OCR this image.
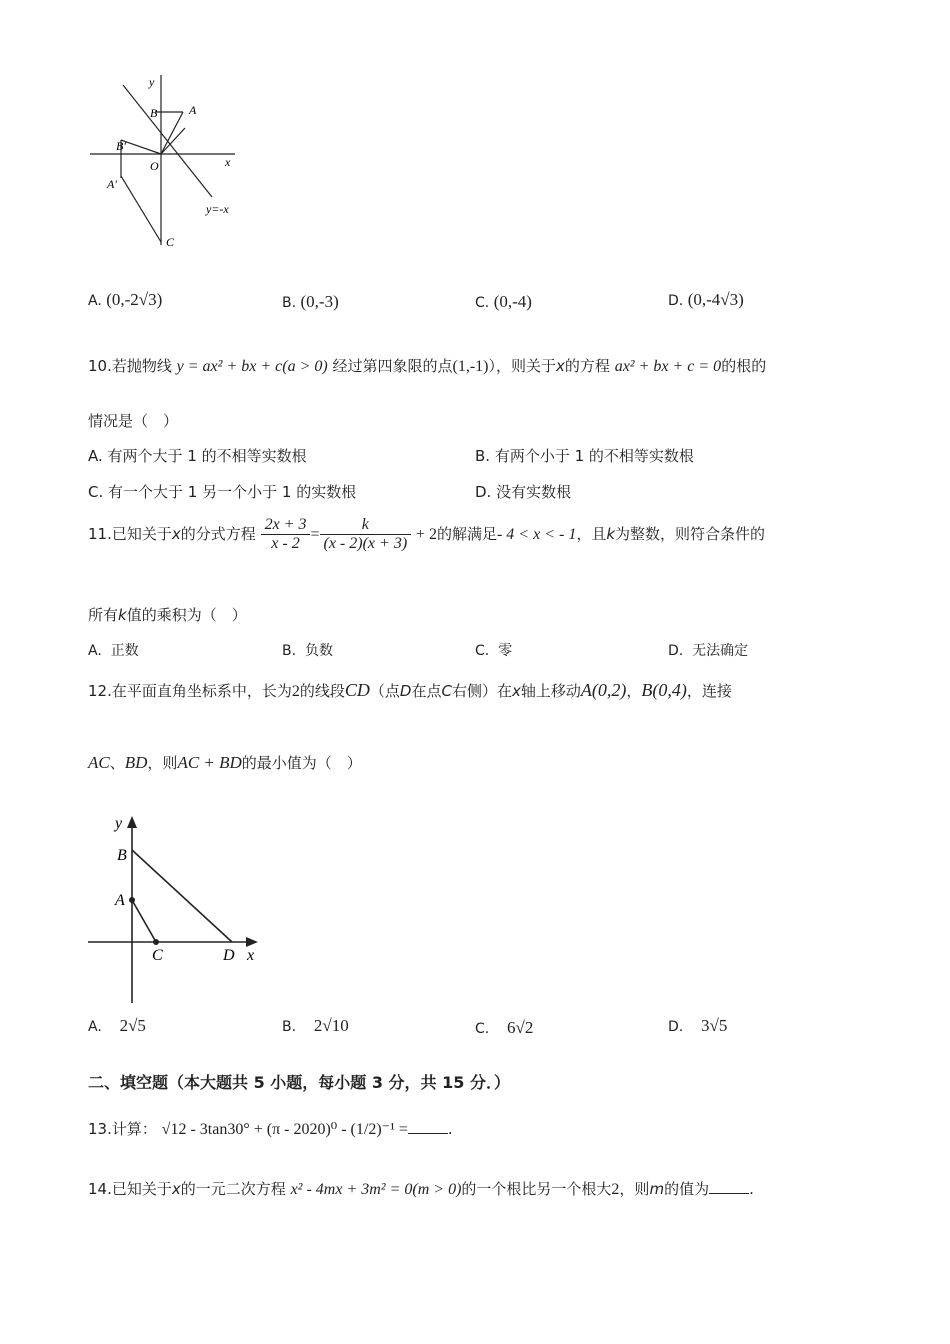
y
x
B	A
B′
O
A′
y=-x
C
A. (0,-2√3)	B. (0,-3)	C. (0,-4)	D. (0,-4√3)
10.若抛物线 y = ax² + bx + c(a > 0) 经过第四象限的点(1,-1)），则关于x的方程 ax² + bx + c = 0的根的
情况是（　）
A. 有两个大于 1 的不相等实数根	B. 有两个小于 1 的不相等实数根
C. 有一个大于 1 另一个小于 1 的实数根	D. 没有实数根
11.已知关于x的分式方程 $\frac{2x + 3}{x - 2} = \frac{k}{(x - 2)(x + 3)} + 2$的解满足- 4 < x < - 1，且k为整数，则符合条件的
所有k值的乘积为（　）
A. 正数	B. 负数	C. 零	D. 无法确定
12.在平面直角坐标系中，长为2的线段CD（点D在点C右侧）在x轴上移动A(0,2)，B(0,4)，连接
AC、BD，则AC + BD的最小值为（　）
y
B
A
C	D x
A. 2√5	B. 2√10	C. 6√2	D. 3√5
二、填空题（本大题共 5 小题，每小题 3 分，共 15 分．）
13.计算： √12 - 3tan30° + (π - 2020)⁰ - (1/2)⁻¹ =	.
14.已知关于x的一元二次方程 x² - 4mx + 3m² = 0(m > 0)的一个根比另一个根大2，则m的值为	.
